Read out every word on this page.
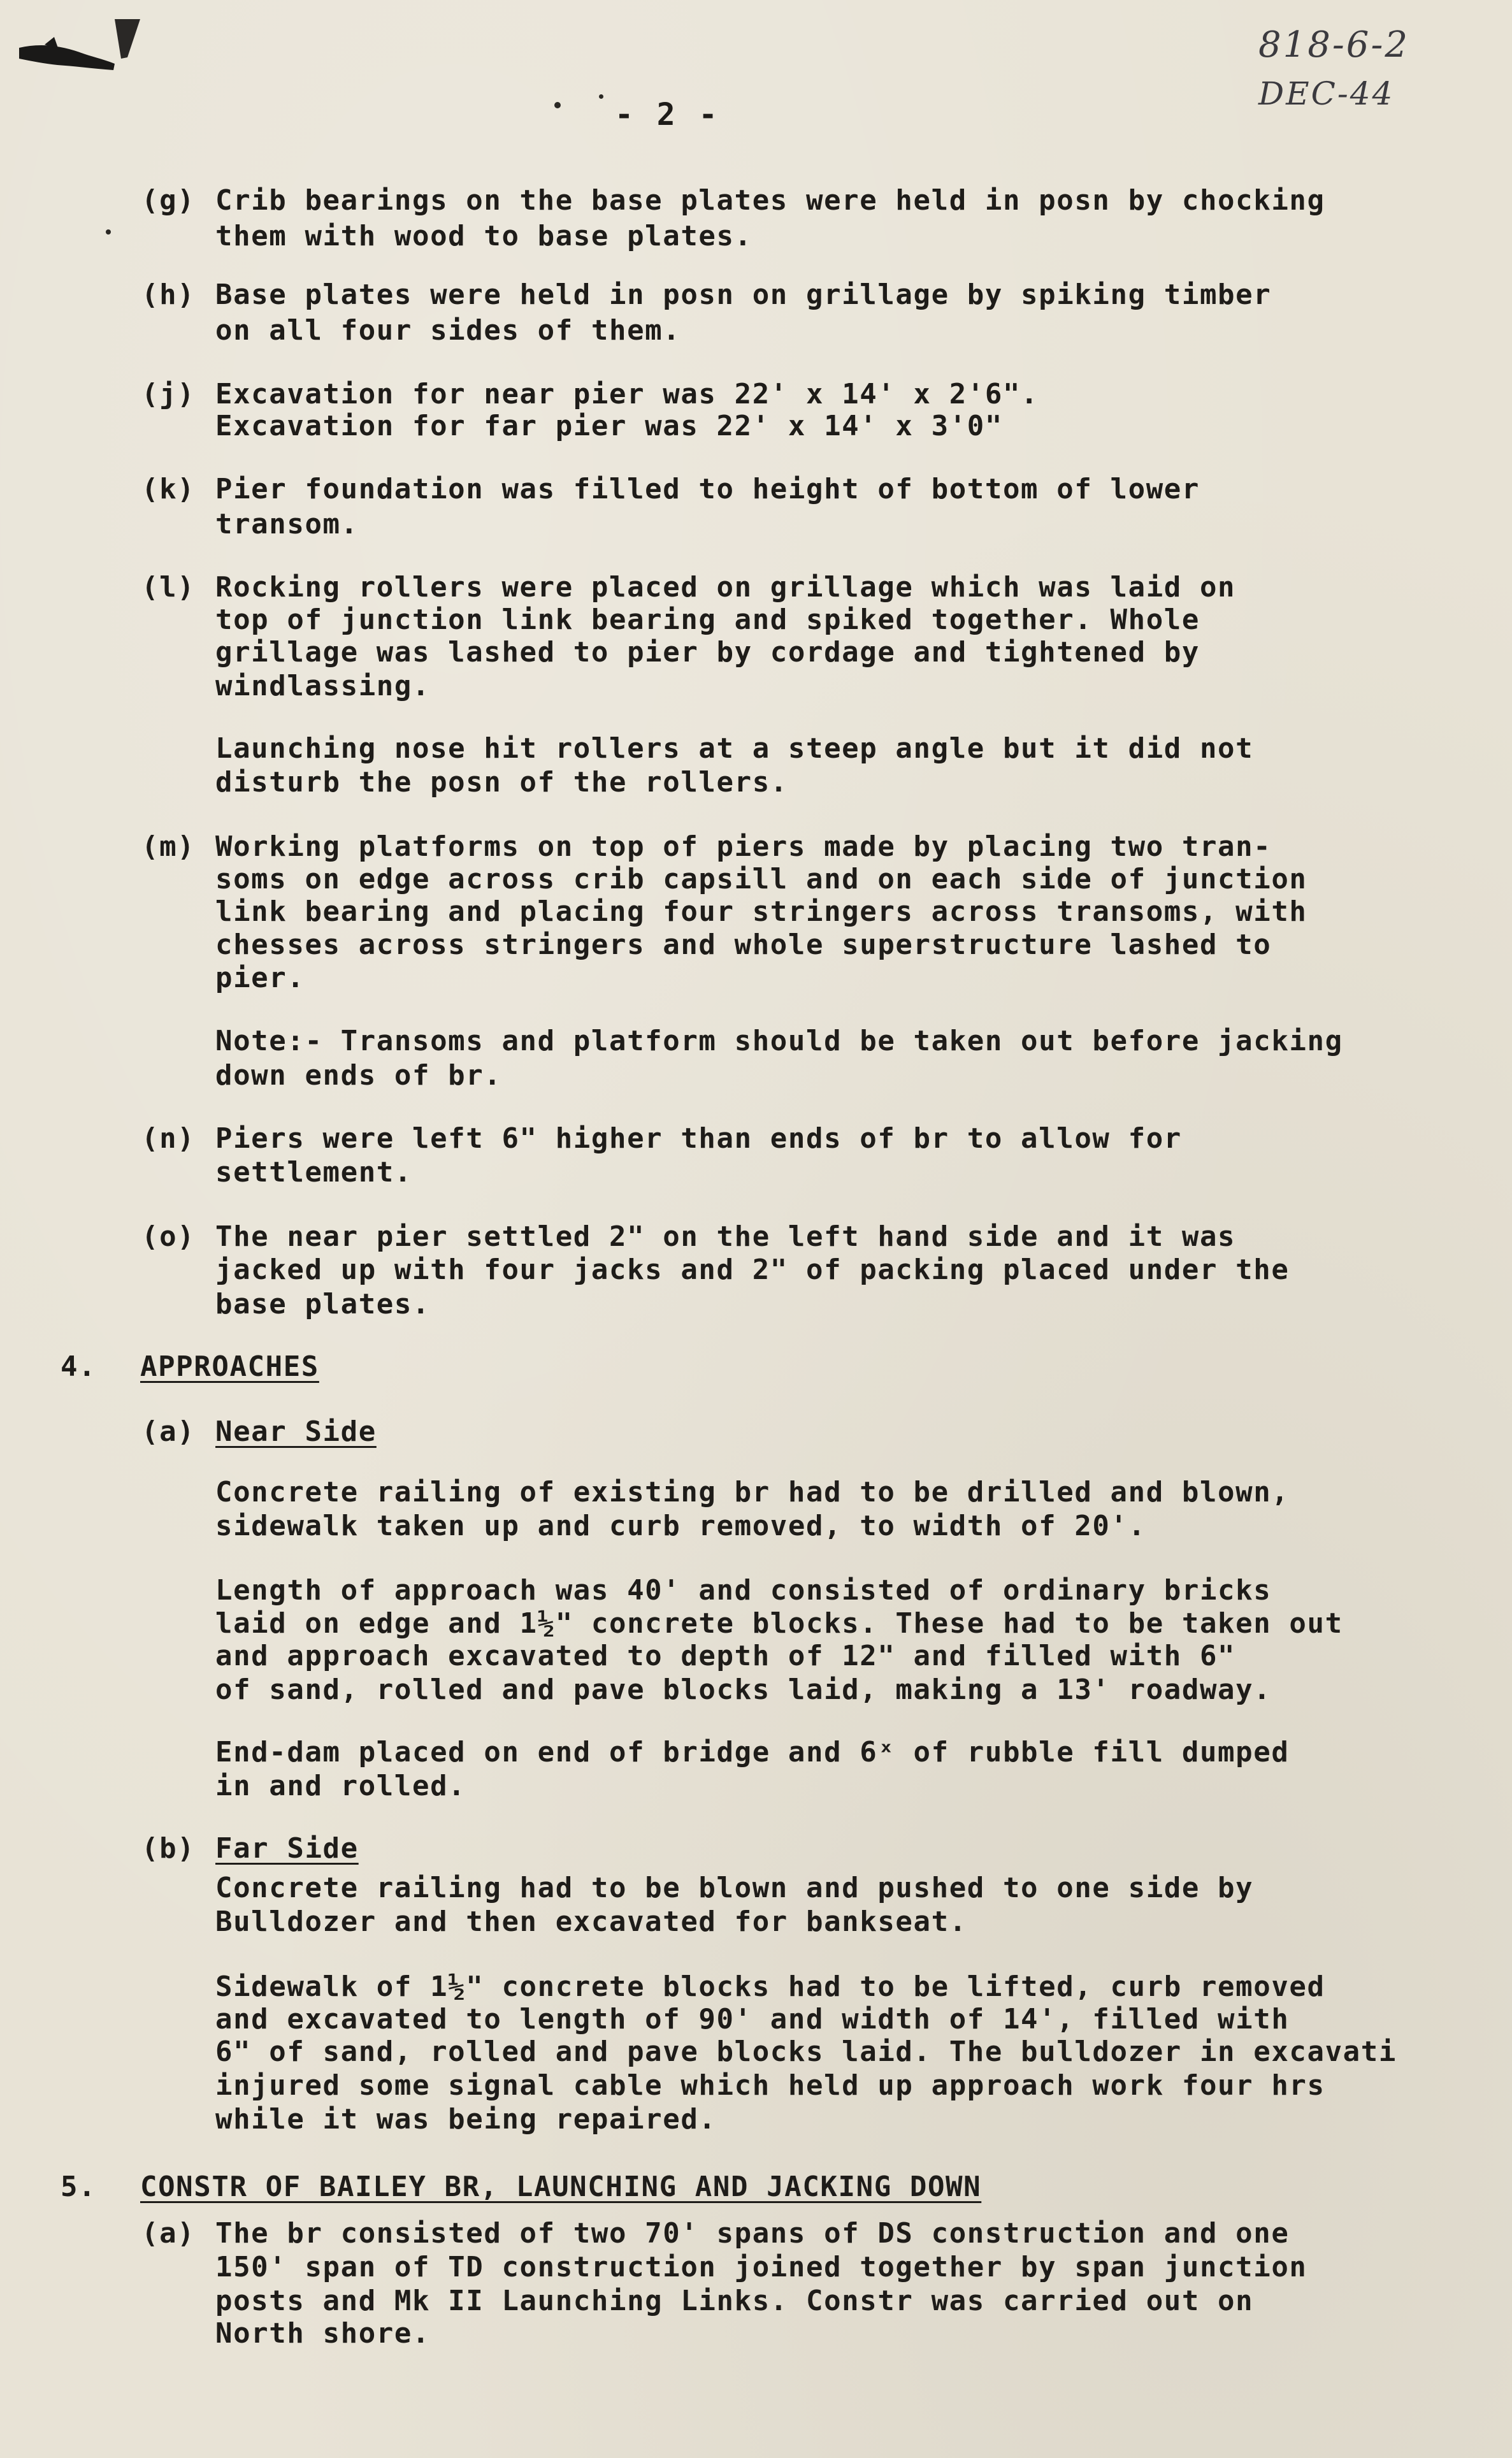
818-6-2
DEC-44
- 2 -
(g) Crib bearings on the base plates were held in posn by chocking
them with wood to base plates.
(h) Base plates were held in posn on grillage by spiking timber
on all four sides of them.
(j) Excavation for near pier was 22' x 14' x 2'6".
Excavation for far pier was 22' x 14' x 3'0"
(k) Pier foundation was filled to height of bottom of lower
transom.
(l) Rocking rollers were placed on grillage which was laid on
top of junction link bearing and spiked together. Whole
grillage was lashed to pier by cordage and tightened by
windlassing.
Launching nose hit rollers at a steep angle but it did not
disturb the posn of the rollers.
(m) Working platforms on top of piers made by placing two tran-
soms on edge across crib capsill and on each side of junction
link bearing and placing four stringers across transoms, with
chesses across stringers and whole superstructure lashed to
pier.
Note:- Transoms and platform should be taken out before jacking
down ends of br.
(n) Piers were left 6" higher than ends of br to allow for
settlement.
(o) The near pier settled 2" on the left hand side and it was
jacked up with four jacks and 2" of packing placed under the
base plates.
4. APPROACHES
(a) Near Side
Concrete railing of existing br had to be drilled and blown,
sidewalk taken up and curb removed, to width of 20'.
Length of approach was 40' and consisted of ordinary bricks
laid on edge and 1½" concrete blocks. These had to be taken out
and approach excavated to depth of 12" and filled with 6"
of sand, rolled and pave blocks laid, making a 13' roadway.
End-dam placed on end of bridge and 6ˣ of rubble fill dumped
in and rolled.
(b) Far Side
Concrete railing had to be blown and pushed to one side by
Bulldozer and then excavated for bankseat.
Sidewalk of 1½" concrete blocks had to be lifted, curb removed
and excavated to length of 90' and width of 14', filled with
6" of sand, rolled and pave blocks laid. The bulldozer in excavati
injured some signal cable which held up approach work four hrs
while it was being repaired.
5. CONSTR OF BAILEY BR, LAUNCHING AND JACKING DOWN
(a) The br consisted of two 70' spans of DS construction and one
150' span of TD construction joined together by span junction
posts and Mk II Launching Links. Constr was carried out on
North shore.
